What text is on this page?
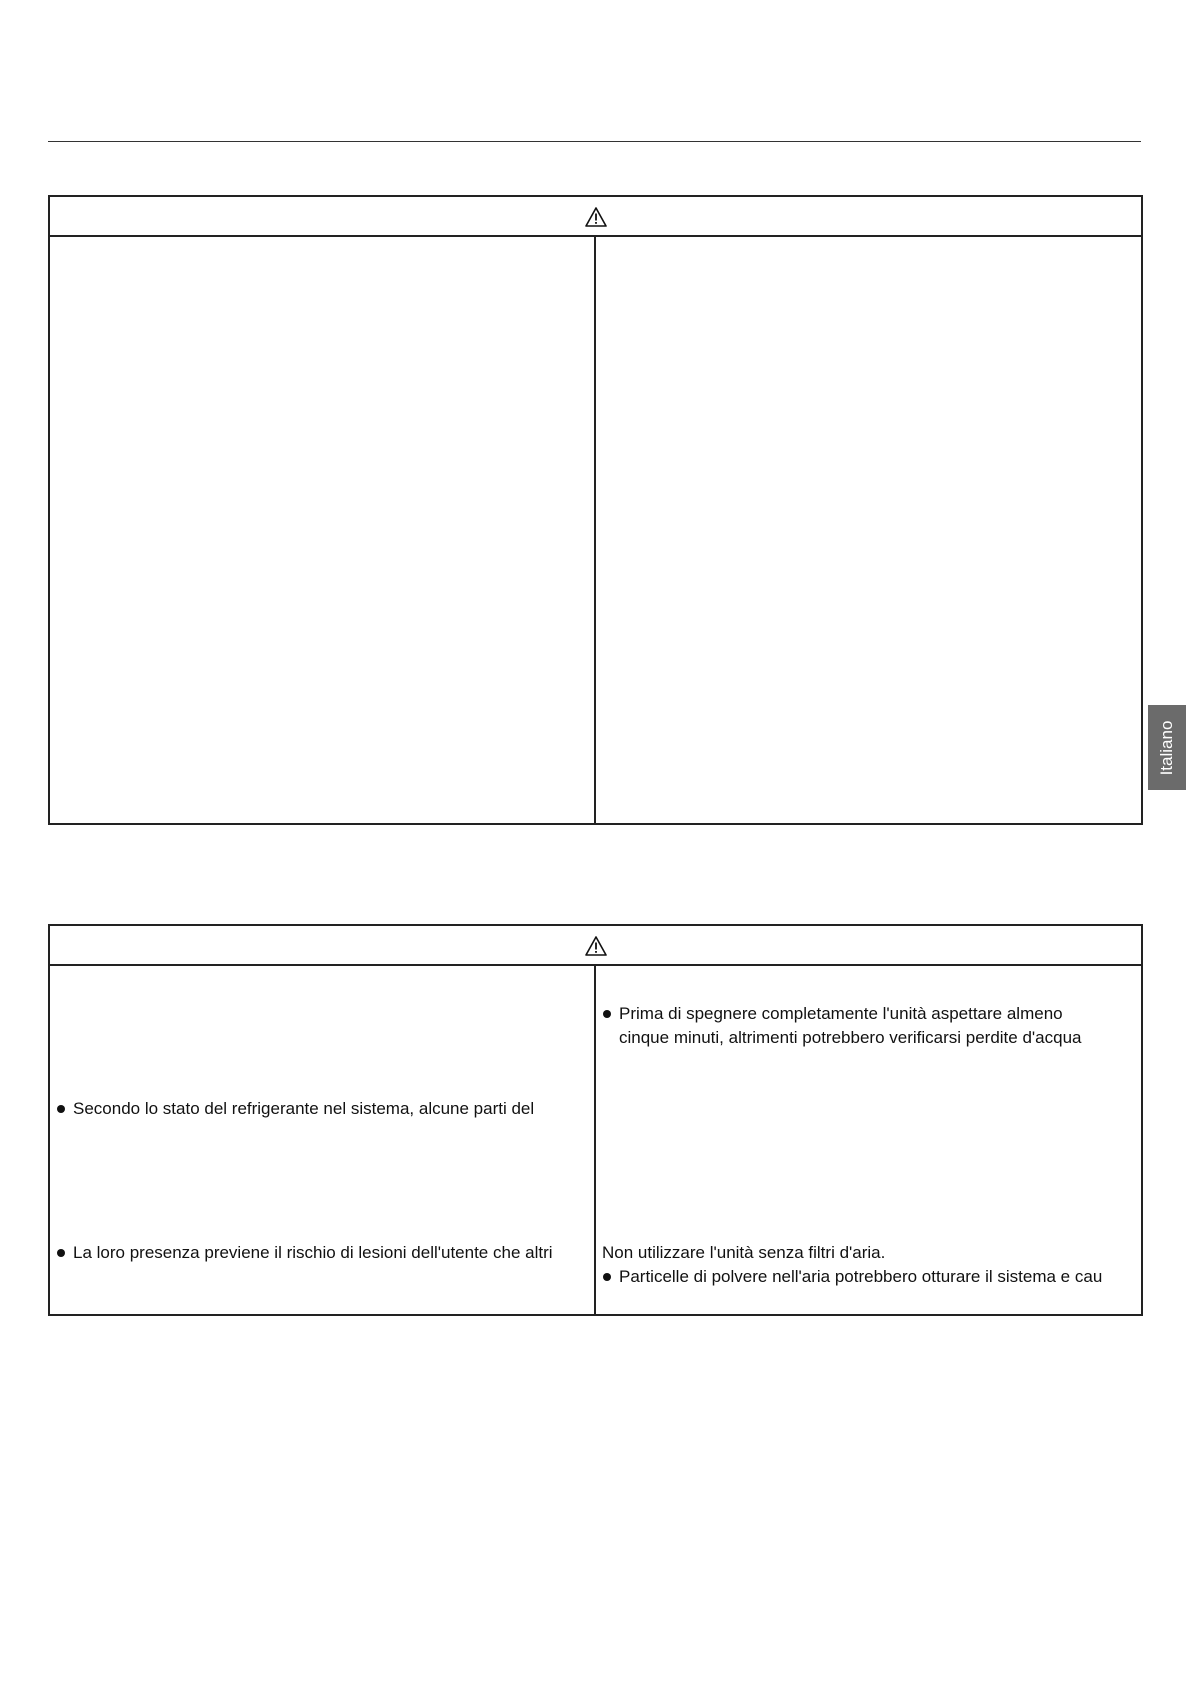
Secondo lo stato del refrigerante nel sistema, alcune parti del
La loro presenza previene il rischio di lesioni dell'utente che altri
Prima di spegnere completamente l'unità aspettare almeno
cinque minuti, altrimenti potrebbero verificarsi perdite d'acqua
Non utilizzare l'unità senza filtri d'aria.
Particelle di polvere nell'aria potrebbero otturare il sistema e cau
Italiano
